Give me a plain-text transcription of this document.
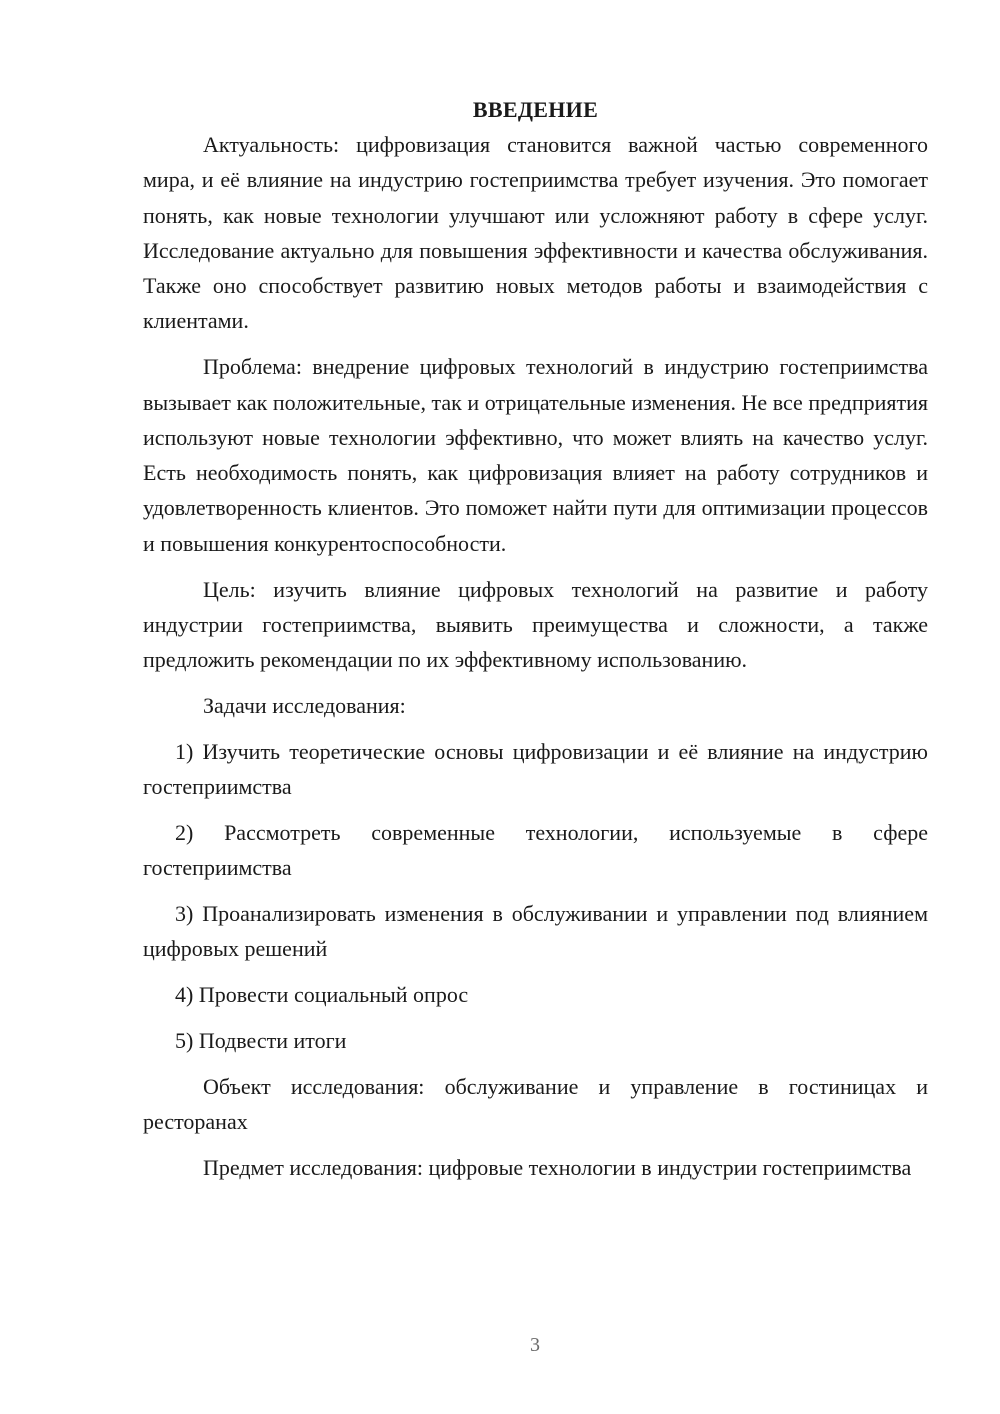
ВВЕДЕНИЕ

Актуальность: цифровизация становится важной частью современного мира, и её влияние на индустрию гостеприимства требует изучения. Это помогает понять, как новые технологии улучшают или усложняют работу в сфере услуг. Исследование актуально для повышения эффективности и качества обслуживания. Также оно способствует развитию новых методов работы и взаимодействия с клиентами.

Проблема: внедрение цифровых технологий в индустрию гостеприимства вызывает как положительные, так и отрицательные изменения. Не все предприятия используют новые технологии эффективно, что может влиять на качество услуг. Есть необходимость понять, как цифровизация влияет на работу сотрудников и удовлетворенность клиентов. Это поможет найти пути для оптимизации процессов и повышения конкурентоспособности.

Цель: изучить влияние цифровых технологий на развитие и работу индустрии гостеприимства, выявить преимущества и сложности, а также предложить рекомендации по их эффективному использованию.

Задачи исследования:

1) Изучить теоретические основы цифровизации и её влияние на индустрию гостеприимства

2) Рассмотреть современные технологии, используемые в сфере гостеприимства

3) Проанализировать изменения в обслуживании и управлении под влиянием цифровых решений

4) Провести социальный опрос

5) Подвести итоги

Объект исследования: обслуживание и управление в гостиницах и ресторанах

Предмет исследования: цифровые технологии в индустрии гостеприимства

3
